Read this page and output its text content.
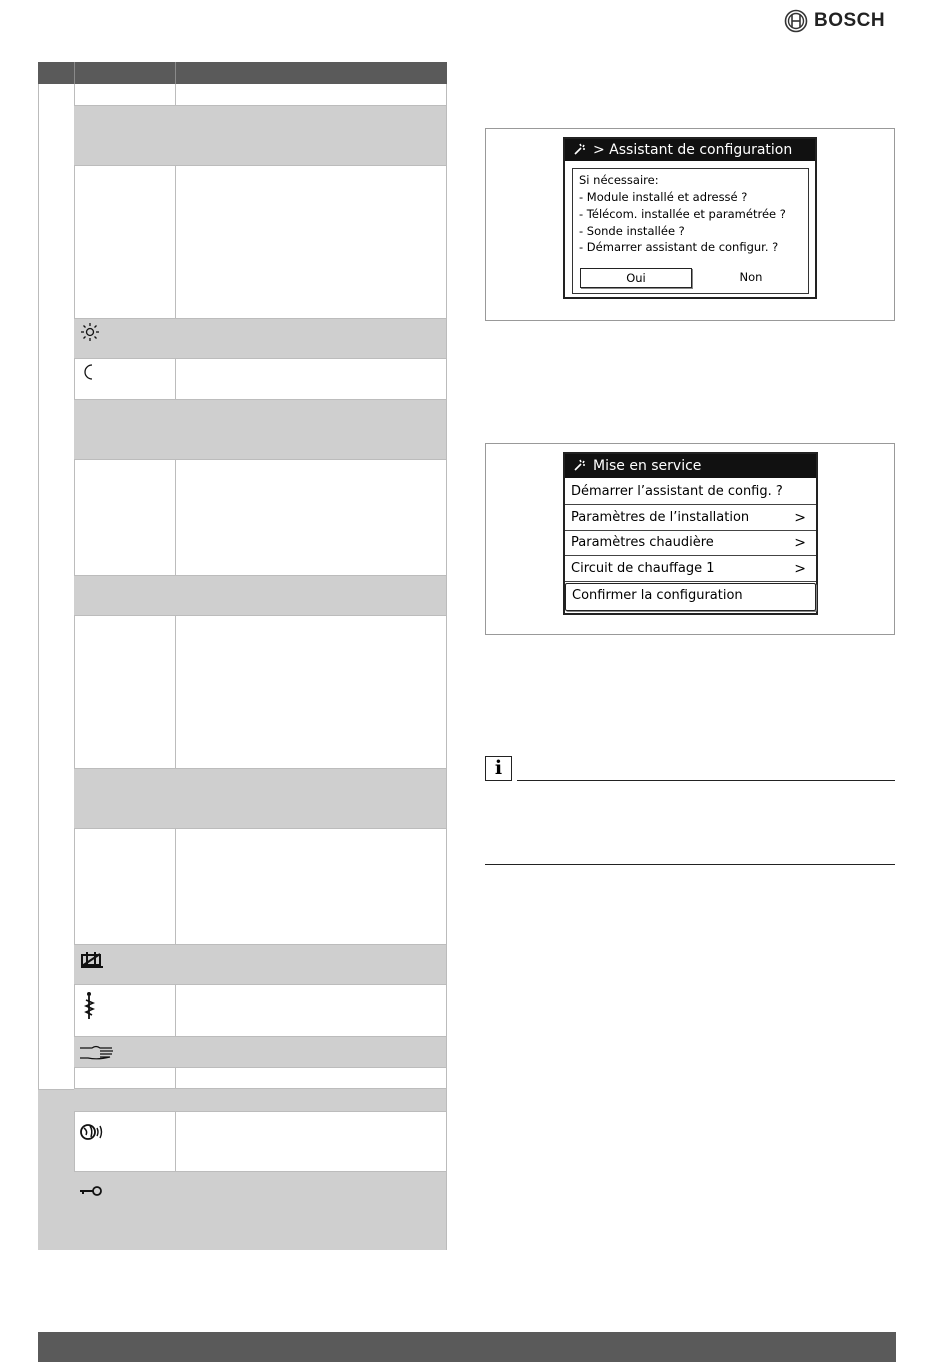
BOSCH
> Assistant de configuration
Si nécessaire:
- Module installé et adressé ?
- Télécom. installée et paramétrée ?
- Sonde installée ?
- Démarrer assistant de configur. ?
Oui	Non
Mise en service
Démarrer l’assistant de config. ?
Paramètres de l’installation	>
Paramètres chaudière	>
Circuit de chauffage 1	>
Confirmer la configuration
i
